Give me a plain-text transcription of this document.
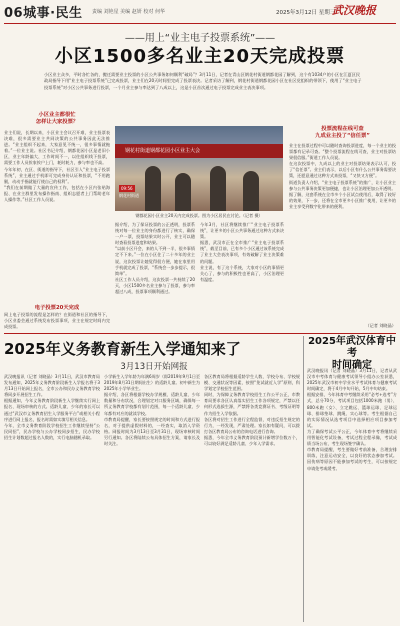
06城事·民生 责编 刘艳星 美编 赵妍 校对 何华	2025年3月12日 星期三
武汉晚报
——用上“业主电子投票系统”——
小区1500多名业主20天完成投票
小区业主众多，平时各忙各的，搬迁需要业主投票的小区公共事务如何顺利“破局”？3月11日，记者在青山区钢花村街道钢都花园了解到，这个有1034户的小区在江夏区民政局指导下用“业主电子投票系统”已完成投票，业主们在20天时间里完成了投票表决。记者采访了解到，钢花村街道钢都花园小区在社区党组织的带领下，使用了“业主电子投票系统”对小区公共事务进行投票，一个月业主参与率达到了八成以上，这是小区首次通过电子投票完成业主表决事项。
小区业主都很忙
怎样让大家投票？
业主们说，长期以来，小区业主会议召开难，业主投票表决难，很多需要业主共同决策的公共事务因此无法推进。“业主组织不起来，大家意见不统一，很多事情就拖着。”一位业主说。社区书记介绍，钢都花园小区是老旧小区，业主年龄偏大、工作时间不一，以往组织线下投票，需要工作人员挨家挨户上门，耗时耗力，参与率也不高。
今年年初，在区、街道的指导下，社区引入“业主电子投票系统”，业主通过手机即可完成身份认证和投票，“不用跑腿，动动手指就能行使自己的权利”。
“我们在前期做了大量的宣传工作，包括在小区内张贴海报、在业主群里发布操作指南、组织志愿者上门帮助老年人操作等。”社区工作人员说。
电子投票20天完成
网上电子投票的流程是怎样的？在街道和社区的指导下，小区业委会通过系统发布投票事项，业主在规定时间内完成投票。
钢花村街道钢都花园小区业主大会
09:56
钢花村街道
钢都花园小区业主20天内完成投票。图为小区居民在讨论。（记者 摄）
据介绍，为了保证投票的公正透明，投票系统对每一位业主的身份都进行了核实，确保一户一票，投票结果实时公开，业主可以随时查看投票进度和结果。
“以前小区开会，来的人不到一半，很多事情定不下来。”一位在小区住了二十多年的业主说，这次投票让她觉得很方便，她在家里用手机就完成了投票，“系统会一步步提示，很简单”。
社区工作人员介绍，这次投票一共持续了20天，小区1500多名业主参与了投票，参与率超过八成，投票事项顺利通过。
今年3月，社区将继续推广“业主电子投票系统”，让更多的小区公共事务通过这种方式来决策。
据悉，武汉市正在全市推广“业主电子投票系统”，截至目前，已有多个小区通过该系统完成了业主大会表决事项，有效破解了业主决策难的问题。
业主说，有了这个系统，大家对小区的事情更关心了，参与的积极性也更高了，小区治理更有温度。
投票流程在线可查
九成业主投了“信任票”
业主在投票过程中可以随时查询投票进度，每一个业主的投票都有记录可查。“整个投票流程在线可查，业主对投票结果很信服。”街道工作人员说。
在这次投票中，九成以上的业主对投票结果表示认可，投了“信任票”。业主们表示，以后小区有什么公共事务需要决策，还愿意通过这种方式来投票，“又快又方便”。
街道负责人介绍，“业主电子投票系统”的推广，让小区业主参与公共事务决策更加便捷，也让小区治理更加公开透明。
据了解，这套系统在全市多个小区试点使用后，取得了较好的效果，下一步，还将在全市更多小区推广使用，让更多的业主享受到数字化带来的便利。
（记者 刘晓晶）
2025年义务教育新生入学通知来了
3月13日开始网报
武汉晚报讯（记者 刘晓晶）3月11日，武汉市教育局发布通知，2025年义务教育阶段新生入学报名将于3月13日开始网上报名，全市公办和民办义务教育学校将同步开展招生工作。
根据通知，今年义务教育阶段新生入学继续实行网上报名、现场审核的方式。适龄儿童、少年的家长可以通过“武汉市义务教育招生入学服务平台”或相关小程序进行网上报名，报名时需如实填写相关信息。
今年，全市义务教育阶段学校招生工作继续坚持“公民同招”，民办学校与公办学校同步招生，民办学校招生计划数超过报名人数的，实行电脑随机录取。
小学新生入学年龄为年满6周岁（即2019年9月1日至2019年8月31日期间出生）的适龄儿童。初中新生为2025年小学毕业生。
据介绍，各区将根据学校办学规模、适龄儿童、少年数量和分布状况，合理划定对口服务区域，确保每一所义务教育学校都有划片范围，每一个适龄儿童、少年都有对应的就读学校。
市教育局提醒，家长要按照规定的时间和方式进行报名，对于提供虚假材料的，一经查实，取消入学资格。网报时间为3月13日至3月31日，现场审核时间另行通知。各区将陆续公布具体招生方案，请家长及时关注。
各区教育局将根据适龄学生人数、学校分布、学校规模、交通状况等因素，按照“免试就近入学”原则，科学划定学校招生范围。
同时，为保障义务教育学校招生工作公平公正，市教育局要求各区认真落实招生工作各项规定，严禁以任何形式选拔生源，严禁将各类竞赛证书、考级证明等作为招生入学依据。
各区将对招生工作进行全程监督，对违反招生规定的行为，一经发现，严肃处理。家长如有疑问，可以拨打各区教育局公布的咨询电话进行咨询。
据悉，今年全市义务教育阶段预计新增学位数万个，可以较好满足适龄儿童、少年入学需求。
2025年武汉体育中考
时间确定
武汉晚报讯（记者 刘晓晶）3月11日，记者从武汉市中考体育与健康考试领导小组办公室获悉，2025年武汉市初中学业水平考试体育与健康考试时间确定，将于4月中旬开始，5月中旬结束。
根据安排，今年体育中考继续采用“必考+选考”方式，总分70分，考试项目包括1000米跑（男）、800米跑（女）、立定跳远、篮球运球、足球运球、排球垫球、跳绳、实心球等。考生根据自己的实际情况从选考项目中选择相应项目参加考试。
为了确保考试公平公正，今年体育中考将继续采用智能化考试设备，考试过程全程录像，考试成绩当场公布，考生现场签字确认。
市教育局提醒，考生要做好考前准备，合理安排训练，注意运动安全，以良好的状态参加考试。因伤病等原因不能参加考试的考生，可以按规定申请免考或缓考。
